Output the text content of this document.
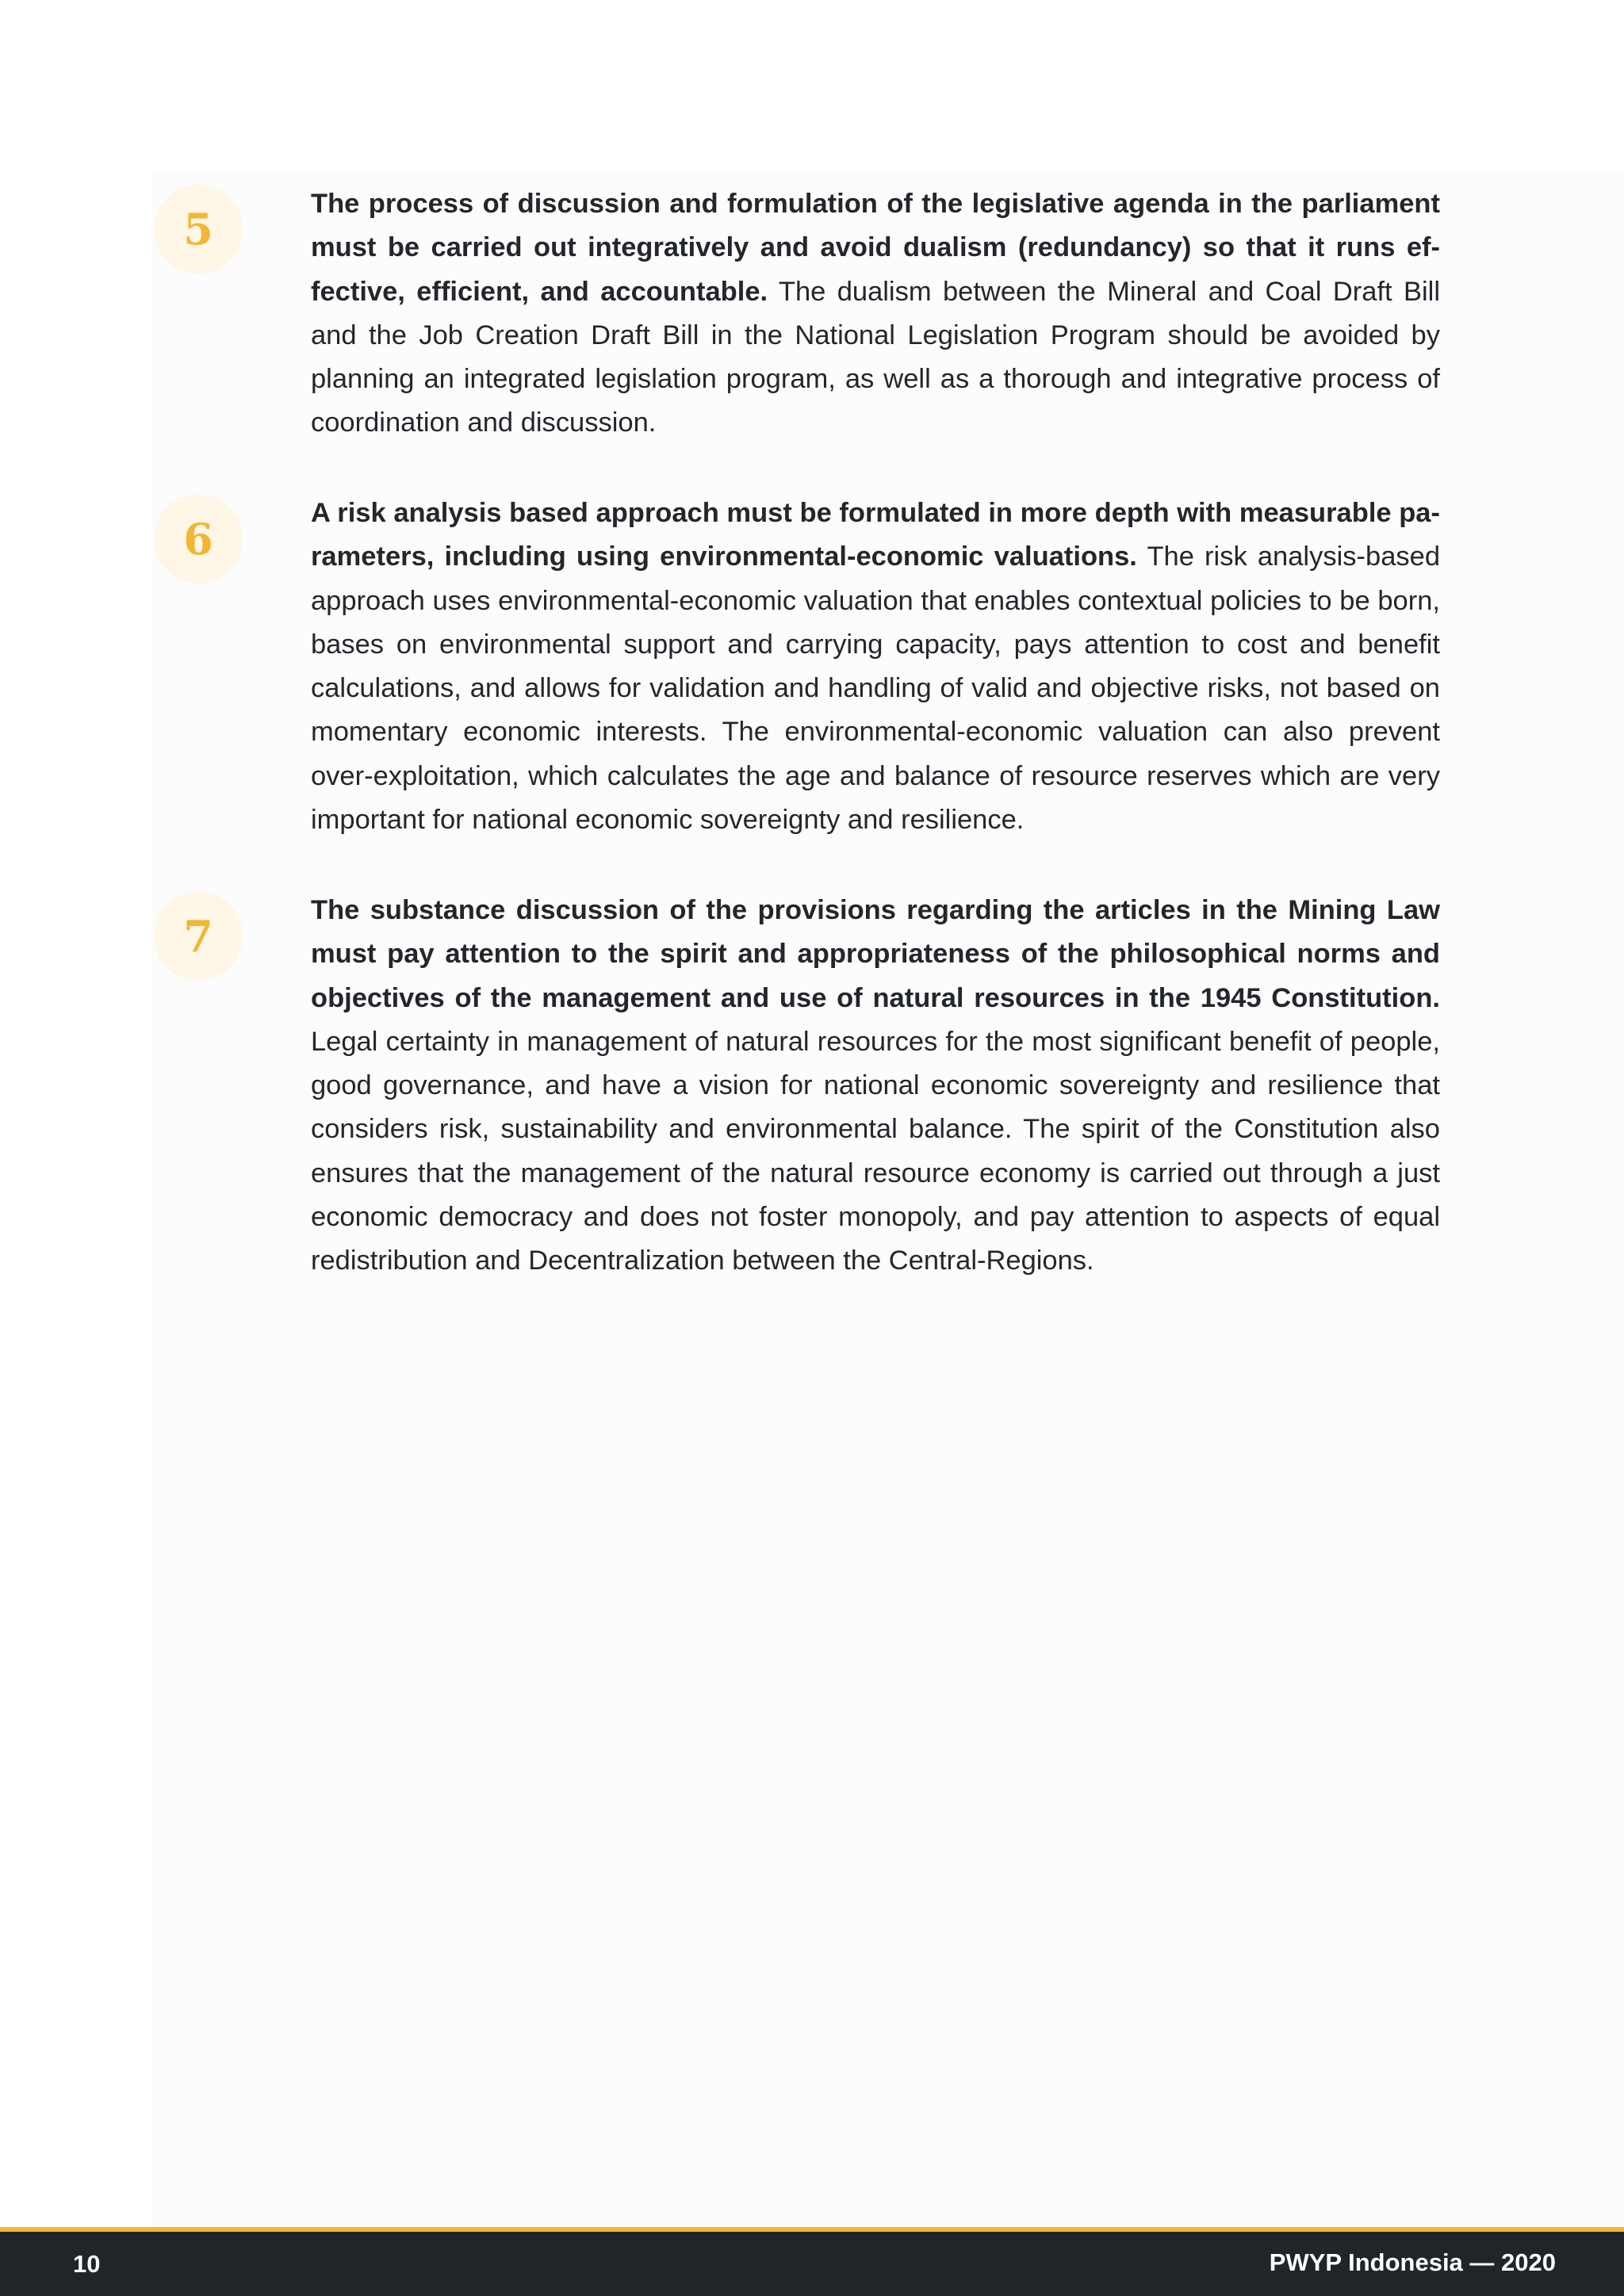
5	The process of discussion and formulation of the legislative agenda in the parliament must be carried out integratively and avoid dualism (redundancy) so that it runs effective, efficient, and accountable. The dualism between the Mineral and Coal Draft Bill and the Job Creation Draft Bill in the National Legislation Program should be avoided by planning an integrated legislation program, as well as a thorough and integrative process of coordination and discussion.

6

A risk analysis based approach must be formulated in more depth with measurable parameters, including using environmental-economic valuations. The risk analysis-based approach uses environmental-economic valuation that enables contextual policies to be born, bases on environmental support and carrying capacity, pays attention to cost and benefit calculations, and allows for validation and handling of valid and objective risks, not based on momentary economic interests. The environmental-economic valuation can also prevent over-exploitation, which calculates the age and balance of resource reserves which are very important for national economic sovereignty and resilience.

7

The substance discussion of the provisions regarding the articles in the Mining Law must pay attention to the spirit and appropriateness of the philosophical norms and objectives of the management and use of natural resources in the 1945 Constitution. Legal certainty in management of natural resources for the most significant benefit of people, good governance, and have a vision for national economic sovereignty and resilience that considers risk, sustainability and environmental balance. The spirit of the Constitution also ensures that the management of the natural resource economy is carried out through a just economic democracy and does not foster monopoly, and pay attention to aspects of equal redistribution and Decentralization between the Central-Regions.

10	PWYP Indonesia — 2020
